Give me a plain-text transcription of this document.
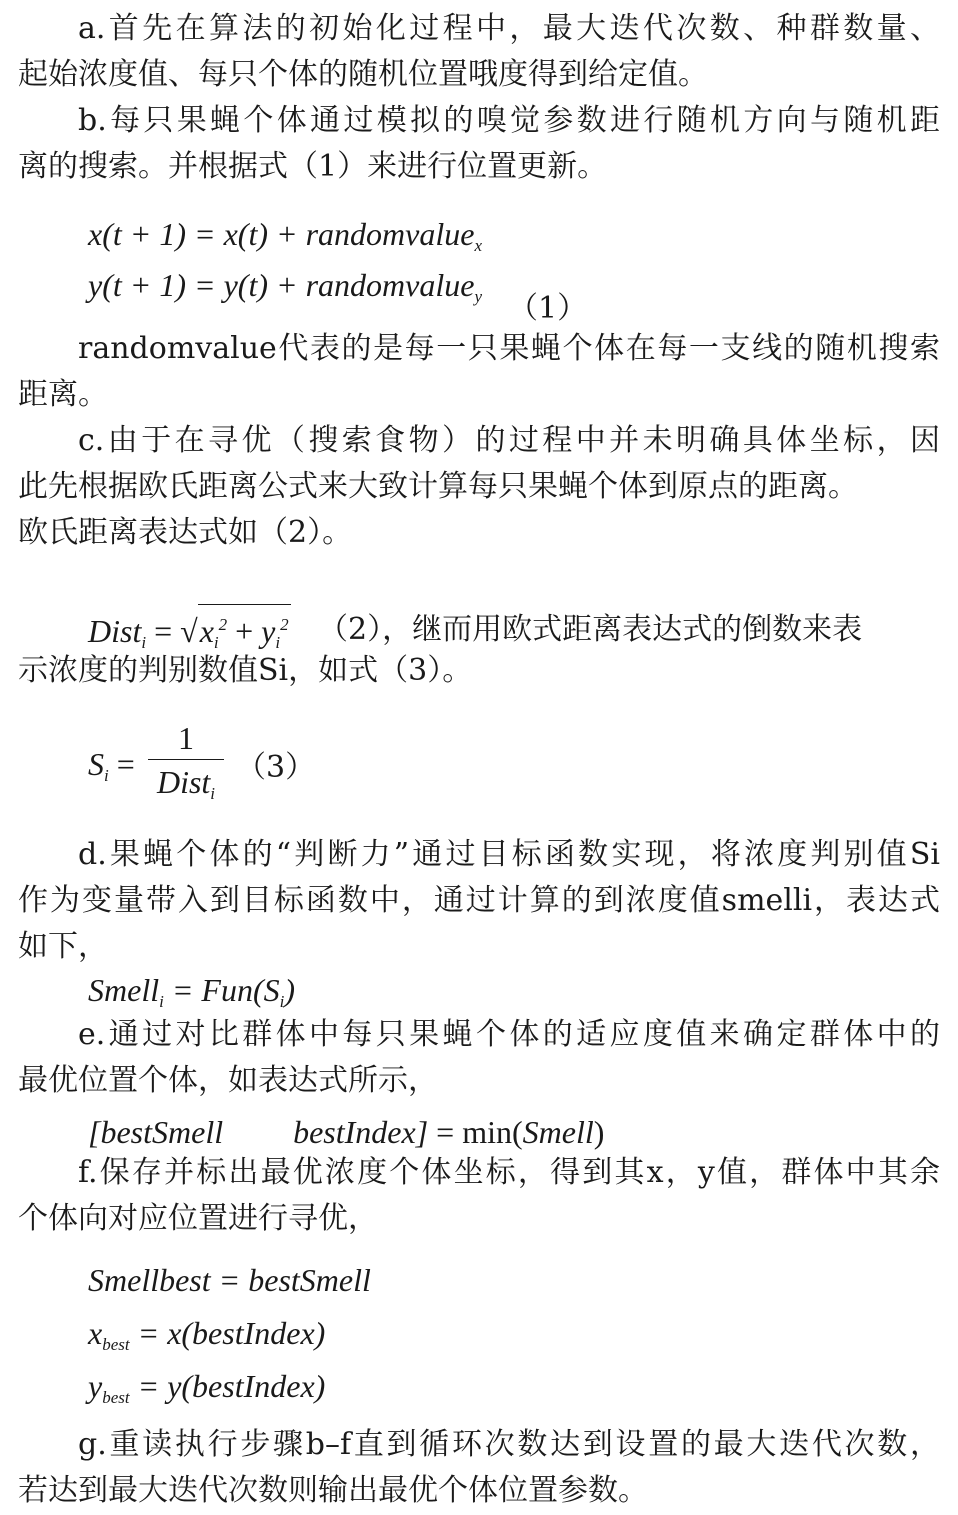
a.首先在算法的初始化过程中，最大迭代次数、种群数量、
起始浓度值、每只个体的随机位置哦度得到给定值。

b.每只果蝇个体通过模拟的嗅觉参数进行随机方向与随机距
离的搜索。并根据式（1）来进行位置更新。

x(t + 1) = x(t) + randomvalue$_x$
y(t + 1) = y(t) + randomvalue$_y$ （1）

randomvalue代表的是每一只果蝇个体在每一支线的随机搜索
距离。

c.由于在寻优（搜索食物）的过程中并未明确具体坐标，因
此先根据欧氏距离公式来大致计算每只果蝇个体到原点的距离。
欧氏距离表达式如（2）。

Dist$_i$ = $√x_i^2 + y_i^2$ （2），继而用欧式距离表达式的倒数来表

示浓度的判别数值Si，如式（3）。

$S_i$ =
1
Dist$_i$
（3）

d.果蝇个体的“判断力”通过目标函数实现，将浓度判别值Si
作为变量带入到目标函数中，通过计算的到浓度值smelli，表达式
如下，

Smell$_i$ = $Fun(S_i)$

e.通过对比群体中每只果蝇个体的适应度值来确定群体中的
最优位置个体，如表达式所示，

[bestSmell bestIndex] = min(Smell)

f.保存并标出最优浓度个体坐标，得到其x，y值，群体中其余
个体向对应位置进行寻优，

Smellbest = bestSmell
$x_{best}$ = x(bestIndex)
$y_{best}$ = y(bestIndex)

g.重读执行步骤b–f直到循环次数达到设置的最大迭代次数，
若达到最大迭代次数则输出最优个体位置参数。
